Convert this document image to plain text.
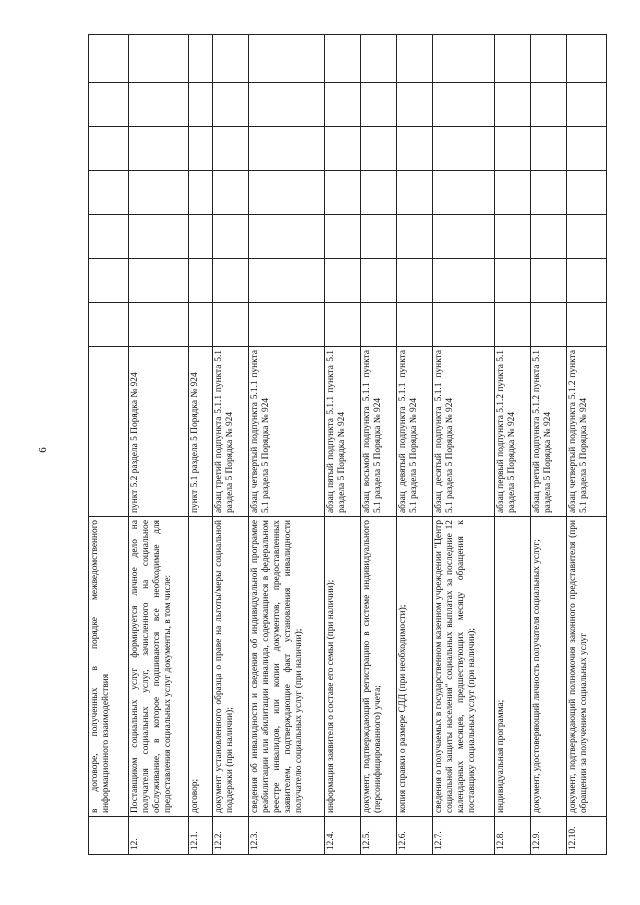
6
	в договоре, полученных в порядке межведомственного информационного взаимодействия								
12.	Поставщиком социальных услуг формируется личное дело на получателя социальных услуг, зачисленного на социальное обслуживание, в которое подшиваются все необходимые для предоставления социальных услуг документы, в том числе:	пункт 5.2 раздела 5 Порядка № 924							
12.1.	договор;	пункт 5.1 раздела 5 Порядка № 924							
12.2.	документ установленного образца о праве на льготы/меры социальной поддержки (при наличии);	абзац третий подпункта 5.1.1 пункта 5.1 раздела 5 Порядка № 924							
12.3.	сведения об инвалидности и сведения об индивидуальной программе реабилитации или абилитации инвалида, содержащиеся в федеральном реестре инвалидов, или копии документов, предоставленных заявителем, подтверждающие факт установления инвалидности получателю социальных услуг (при наличии);	абзац четвертый подпункта 5.1.1 пункта 5.1 раздела 5 Порядка № 924							
12.4.	информация заявителя о составе его семьи (при наличии);	абзац пятый подпункта 5.1.1 пункта 5.1 раздела 5 Порядка № 924							
12.5.	документ, подтверждающий регистрацию в системе индивидуального (персонифицированного) учета;	абзац восьмой подпункта 5.1.1 пункта 5.1 раздела 5 Порядка № 924							
12.6.	копия справки о размере СДД (при необходимости);	абзац девятый подпункта 5.1.1 пункта 5.1 раздела 5 Порядка № 924							
12.7.	сведения о получаемых в государственном казенном учреждении "Центр социальной защиты населения" социальных выплатах за последние 12 календарных месяцев, предшествующих месяцу обращения к поставщику социальных услуг (при наличии);	абзац десятый подпункта 5.1.1 пункта 5.1 раздела 5 Порядка № 924							
12.8.	индивидуальная программа;	абзац первый подпункта 5.1.2 пункта 5.1 раздела 5 Порядка № 924							
12.9.	документ, удостоверяющий личность получателя социальных услуг;	абзац третий подпункта 5.1.2 пункта 5.1 раздела 5 Порядка № 924							
12.10.	документ, подтверждающий полномочия законного представителя (при обращении за получением социальных услуг	абзац четвертый подпункта 5.1.2 пункта 5.1 раздела 5 Порядка № 924							
